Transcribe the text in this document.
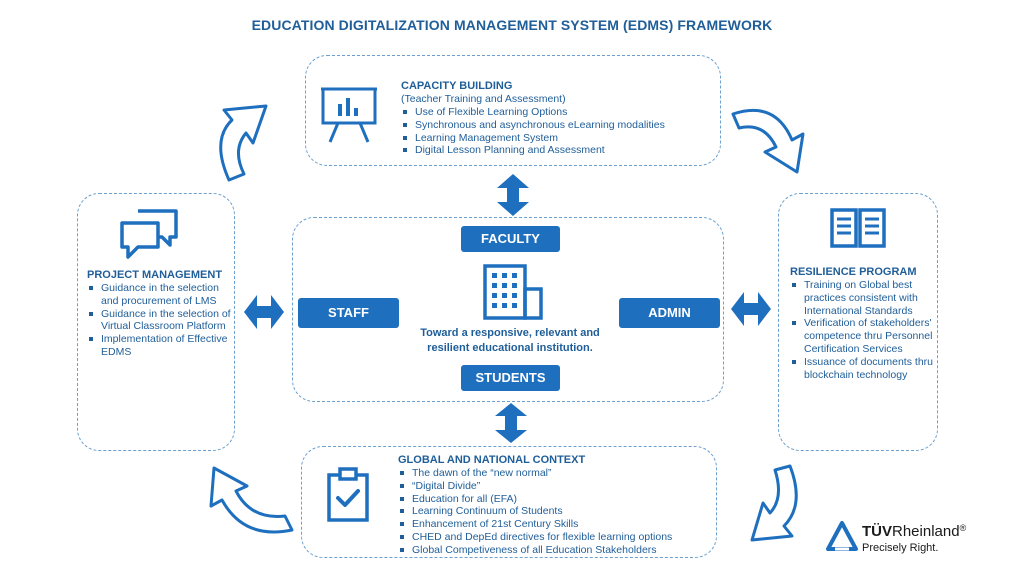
EDUCATION DIGITALIZATION MANAGEMENT SYSTEM (EDMS) FRAMEWORK
CAPACITY BUILDING
(Teacher Training and Assessment)
Use of Flexible Learning Options
Synchronous and asynchronous eLearning modalities
Learning Management System
Digital Lesson Planning and Assessment
PROJECT MANAGEMENT
Guidance in the selection and procurement of LMS
Guidance in the selection of Virtual Classroom Platform
Implementation of Effective EDMS
RESILIENCE PROGRAM
Training on Global best practices consistent with International Standards
Verification of stakeholders' competence thru Personnel Certification Services
Issuance of documents thru blockchain technology
GLOBAL AND NATIONAL CONTEXT
The dawn of the “new normal”
“Digital Divide”
Education for all (EFA)
Learning Continuum of Students
Enhancement of 21st Century Skills
CHED and DepEd directives for flexible learning options
Global Competiveness of all Education Stakeholders
FACULTY
STAFF	ADMIN
STUDENTS
Toward a responsive, relevant and
resilient educational institution.
TÜVRheinland®
Precisely Right.
